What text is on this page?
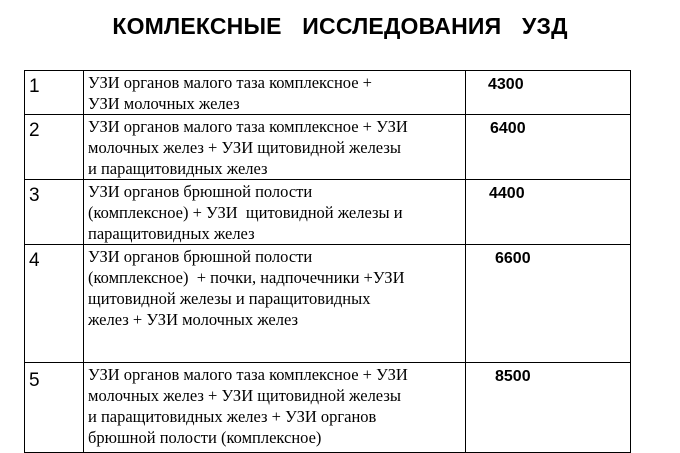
КОМЛЕКСНЫЕ ИССЛЕДОВАНИЯ УЗД
1	УЗИ органов малого таза комплексное +
УЗИ молочных желез	4300

2	УЗИ органов малого таза комплексное + УЗИ
молочных желез + УЗИ щитовидной железы
и паращитовидных желез	6400

3	УЗИ органов брюшной полости
(комплексное) + УЗИ  щитовидной железы и
паращитовидных желез	4400

4	УЗИ органов брюшной полости
(комплексное)  + почки, надпочечники +УЗИ
щитовидной железы и паращитовидных
желез + УЗИ молочных желез	6600

5	УЗИ органов малого таза комплексное + УЗИ
молочных желез + УЗИ щитовидной железы
и паращитовидных желез + УЗИ органов
брюшной полости (комплексное)	8500
